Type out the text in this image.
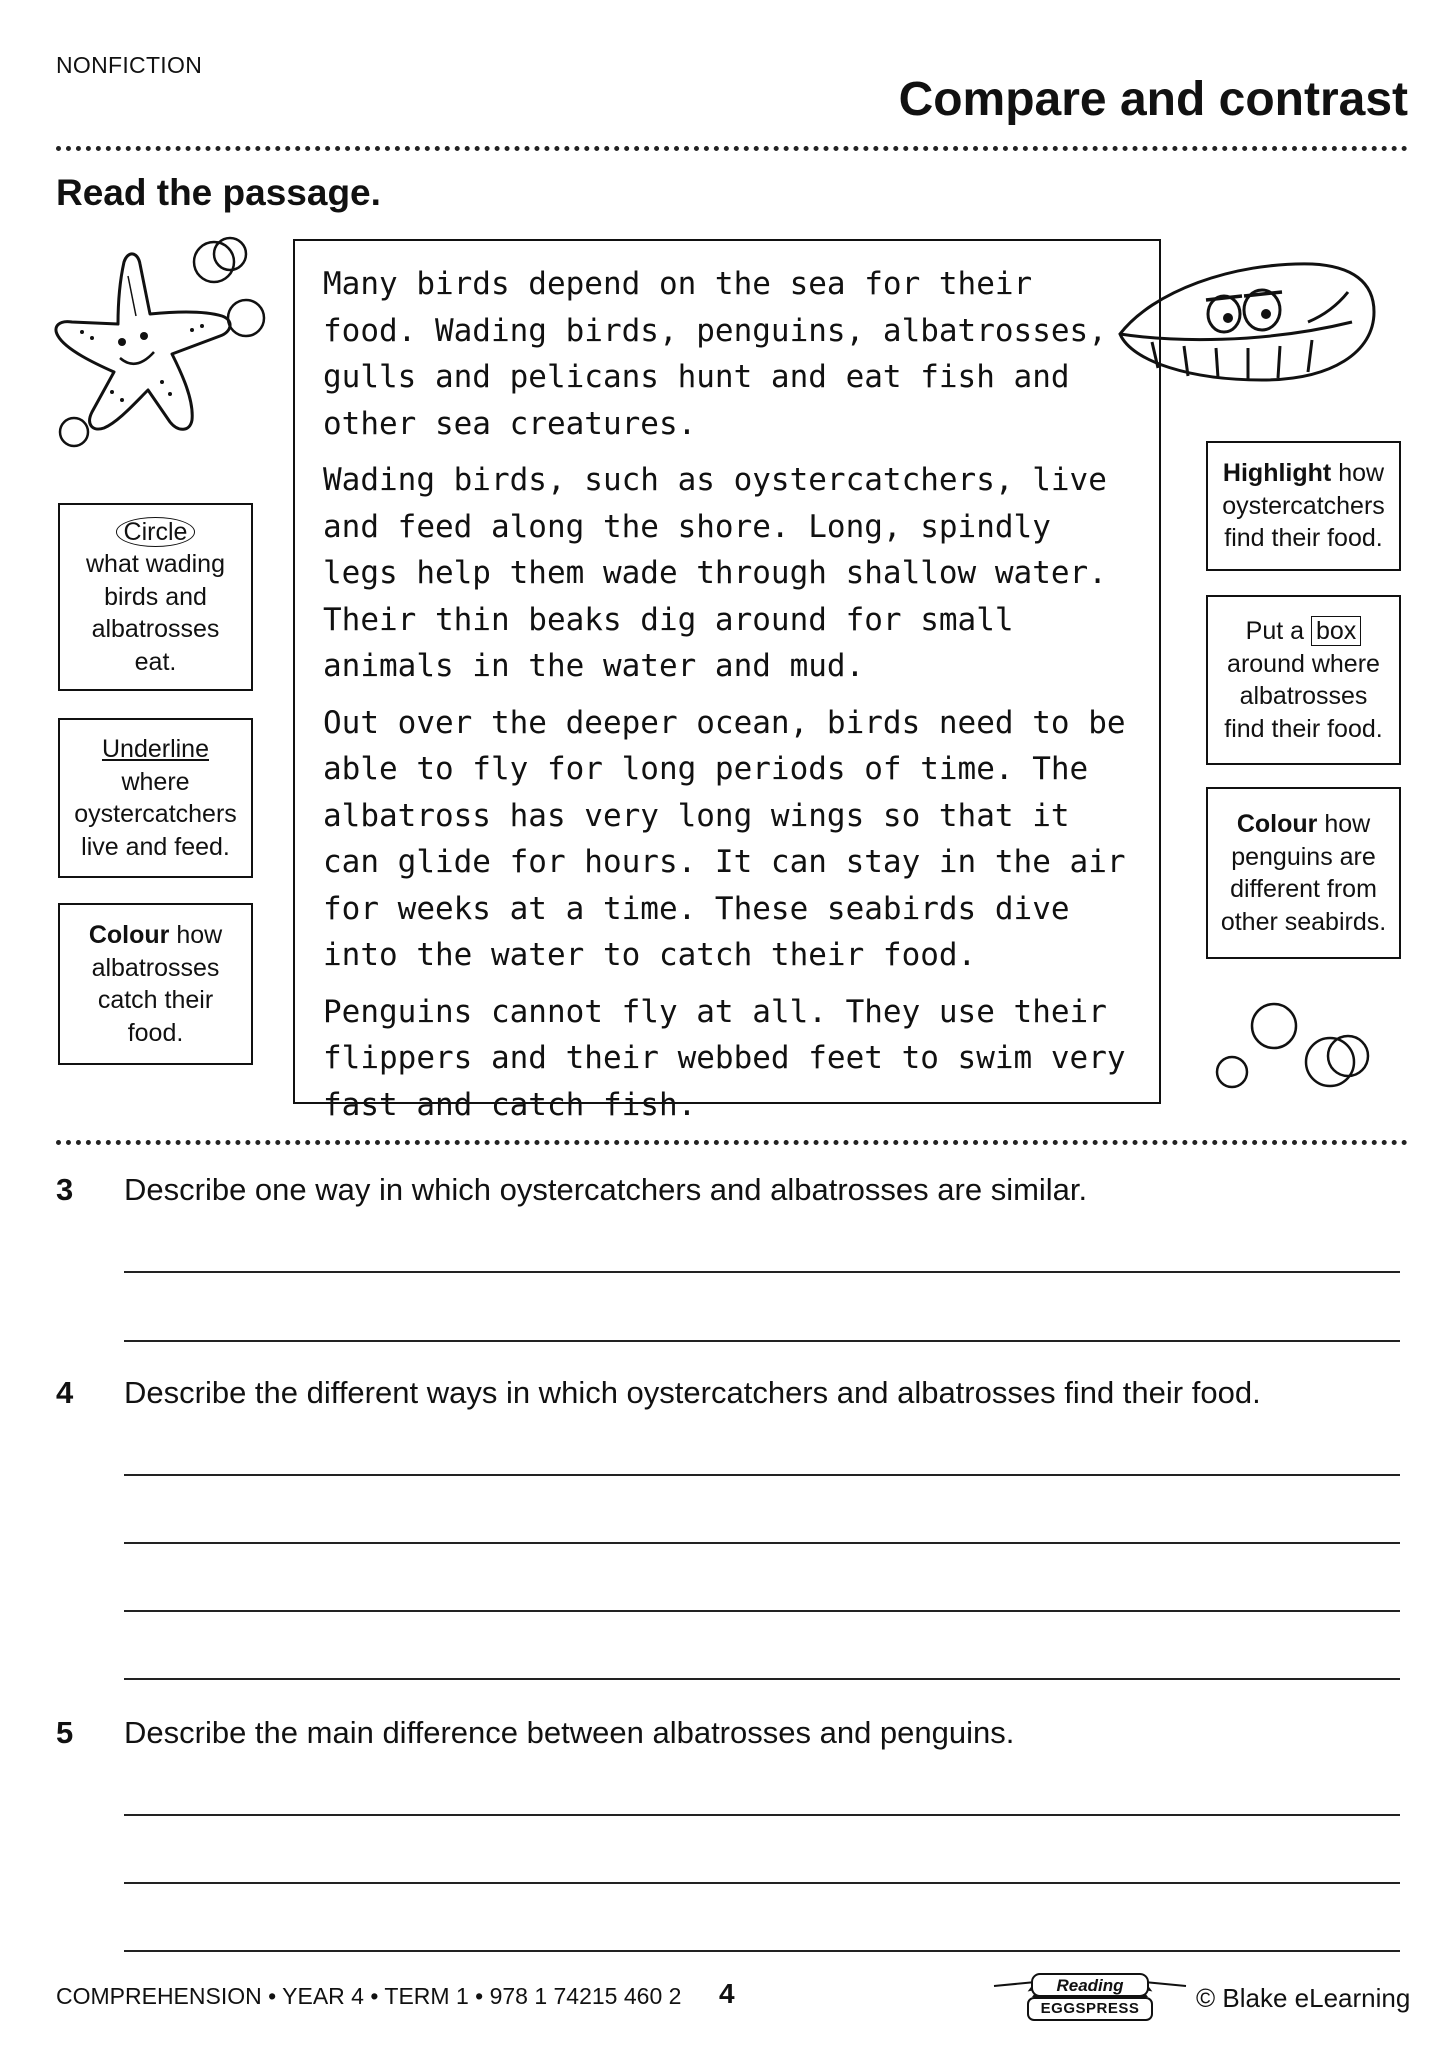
NONFICTION
Compare and contrast
Read the passage.

Many birds depend on the sea for their food. Wading birds, penguins, albatrosses, gulls and pelicans hunt and eat fish and other sea creatures.

Wading birds, such as oystercatchers, live and feed along the shore. Long, spindly legs help them wade through shallow water. Their thin beaks dig around for small animals in the water and mud.

Out over the deeper ocean, birds need to be able to fly for long periods of time. The albatross has very long wings so that it can glide for hours. It can stay in the air for weeks at a time. These seabirds dive into the water to catch their food.

Penguins cannot fly at all. They use their flippers and their webbed feet to swim very fast and catch fish.

Circle
what wading birds and albatrosses eat.
Underline
where oystercatchers live and feed.
Colour how albatrosses catch their food.
Highlight how oystercatchers find their food.
Put a box
around where albatrosses find their food.
Colour how penguins are different from other seabirds.
3 Describe one way in which oystercatchers and albatrosses are similar.
4 Describe the different ways in which oystercatchers and albatrosses find their food.
5 Describe the main difference between albatrosses and penguins.
COMPREHENSION • YEAR 4 • TERM 1 • 978 1 74215 460 2 4	Reading
EGGSPRESS	© Blake eLearning
